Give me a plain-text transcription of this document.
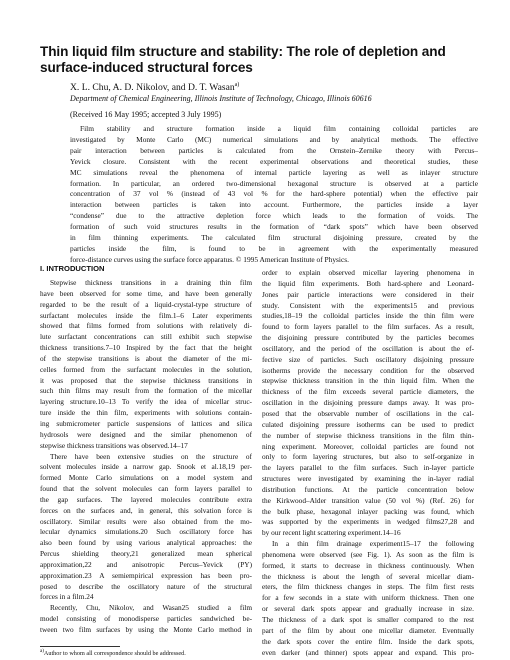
Thin liquid film structure and stability: The role of depletion and surface-induced structural forces
X. L. Chu, A. D. Nikolov, and D. T. Wasan$^{a)}$
Department of Chemical Engineering, Illinois Institute of Technology, Chicago, Illinois 60616
(Received 16 May 1995; accepted 3 July 1995)
Film stability and structure formation inside a liquid film containing colloidal particles are
investigated by Monte Carlo (MC) numerical simulations and by analytical methods. The effective
pair interaction between particles is calculated from the Ornstein–Zernike theory with Percus–
Yevick closure. Consistent with the recent experimental observations and theoretical studies, these
MC simulations reveal the phenomena of internal particle layering as well as inlayer structure
formation. In particular, an ordered two-dimensional hexagonal structure is observed at a particle
concentration of 37 vol % (instead of 43 vol % for the hard-sphere potential) when the effective pair
interaction between particles is taken into account. Furthermore, the particles inside a layer
“condense” due to the attractive depletion force which leads to the formation of voids. The
formation of such void structures results in the formation of “dark spots” which have been observed
in film thinning experiments. The calculated film structural disjoining pressure, created by the
particles inside the film, is found to be in agreement with the experimentally measured
force-distance curves using the surface force apparatus. © 1995 American Institute of Physics.
I. INTRODUCTION
Stepwise thickness transitions in a draining thin film
have been observed for some time, and have been generally
regarded to be the result of a liquid-crystal-type structure of
surfactant molecules inside the film.1–6 Later experiments
showed that films formed from solutions with relatively di-
lute surfactant concentrations can still exhibit such stepwise
thickness transitions.7–10 Inspired by the fact that the height
of the stepwise transitions is about the diameter of the mi-
celles formed from the surfactant molecules in the solution,
it was proposed that the stepwise thickness transitions in
such thin films may result from the formation of the micellar
layering structure.10–13 To verify the idea of micellar struc-
ture inside the thin film, experiments with solutions contain-
ing submicrometer particle suspensions of lattices and silica
hydrosols were designed and the similar phenomenon of
stepwise thickness transitions was observed.14–17
There have been extensive studies on the structure of
solvent molecules inside a narrow gap. Snook et al.18,19 per-
formed Monte Carlo simulations on a model system and
found that the solvent molecules can form layers parallel to
the gap surfaces. The layered molecules contribute extra
forces on the surfaces and, in general, this solvation force is
oscillatory. Similar results were also obtained from the mo-
lecular dynamics simulations.20 Such oscillatory force has
also been found by using various analytical approaches: the
Percus shielding theory,21 generalized mean spherical
approximation,22 and anisotropic Percus–Yevick (PY)
approximation.23 A semiempirical expression has been pro-
posed to describe the oscillatory nature of the structural
forces in a film.24
Recently, Chu, Nikolov, and Wasan25 studied a film
model consisting of monodisperse particles sandwiched be-
tween two film surfaces by using the Monte Carlo method in
order to explain observed micellar layering phenomena in
the liquid film experiments. Both hard-sphere and Leonard-
Jones pair particle interactions were considered in their
study. Consistent with the experiments15 and previous
studies,18–19 the colloidal particles inside the thin film were
found to form layers parallel to the film surfaces. As a result,
the disjoining pressure contributed by the particles becomes
oscillatory, and the period of the oscillation is about the ef-
fective size of particles. Such oscillatory disjoining pressure
isotherms provide the necessary condition for the observed
stepwise thickness transition in the thin liquid film. When the
thickness of the film exceeds several particle diameters, the
oscillation in the disjoining pressure damps away. It was pro-
posed that the observable number of oscillations in the cal-
culated disjoining pressure isotherms can be used to predict
the number of stepwise thickness transitions in the film thin-
ning experiment. Moreover, colloidal particles are found not
only to form layering structures, but also to self-organize in
the layers parallel to the film surfaces. Such in-layer particle
structures were investigated by examining the in-layer radial
distribution functions. At the particle concentration below
the Kirkwood–Alder transition value (50 vol %) (Ref. 26) for
the bulk phase, hexagonal inlayer packing was found, which
was supported by the experiments in wedged films27,28 and
by our recent light scattering experiment.14–16
In a thin film drainage experiment15–17 the following
phenomena were observed (see Fig. 1). As soon as the film is
formed, it starts to decrease in thickness continuously. When
the thickness is about the length of several micellar diam-
eters, the film thickness changes in steps. The film first rests
for a few seconds in a state with uniform thickness. Then one
or several dark spots appear and gradually increase in size.
The thickness of a dark spot is smaller compared to the rest
part of the film by about one micellar diameter. Eventually
the dark spots cover the entire film. Inside the dark spots,
even darker (and thinner) spots appear and expand. This pro-
$^{a)}$Author to whom all correspondence should be addressed.
